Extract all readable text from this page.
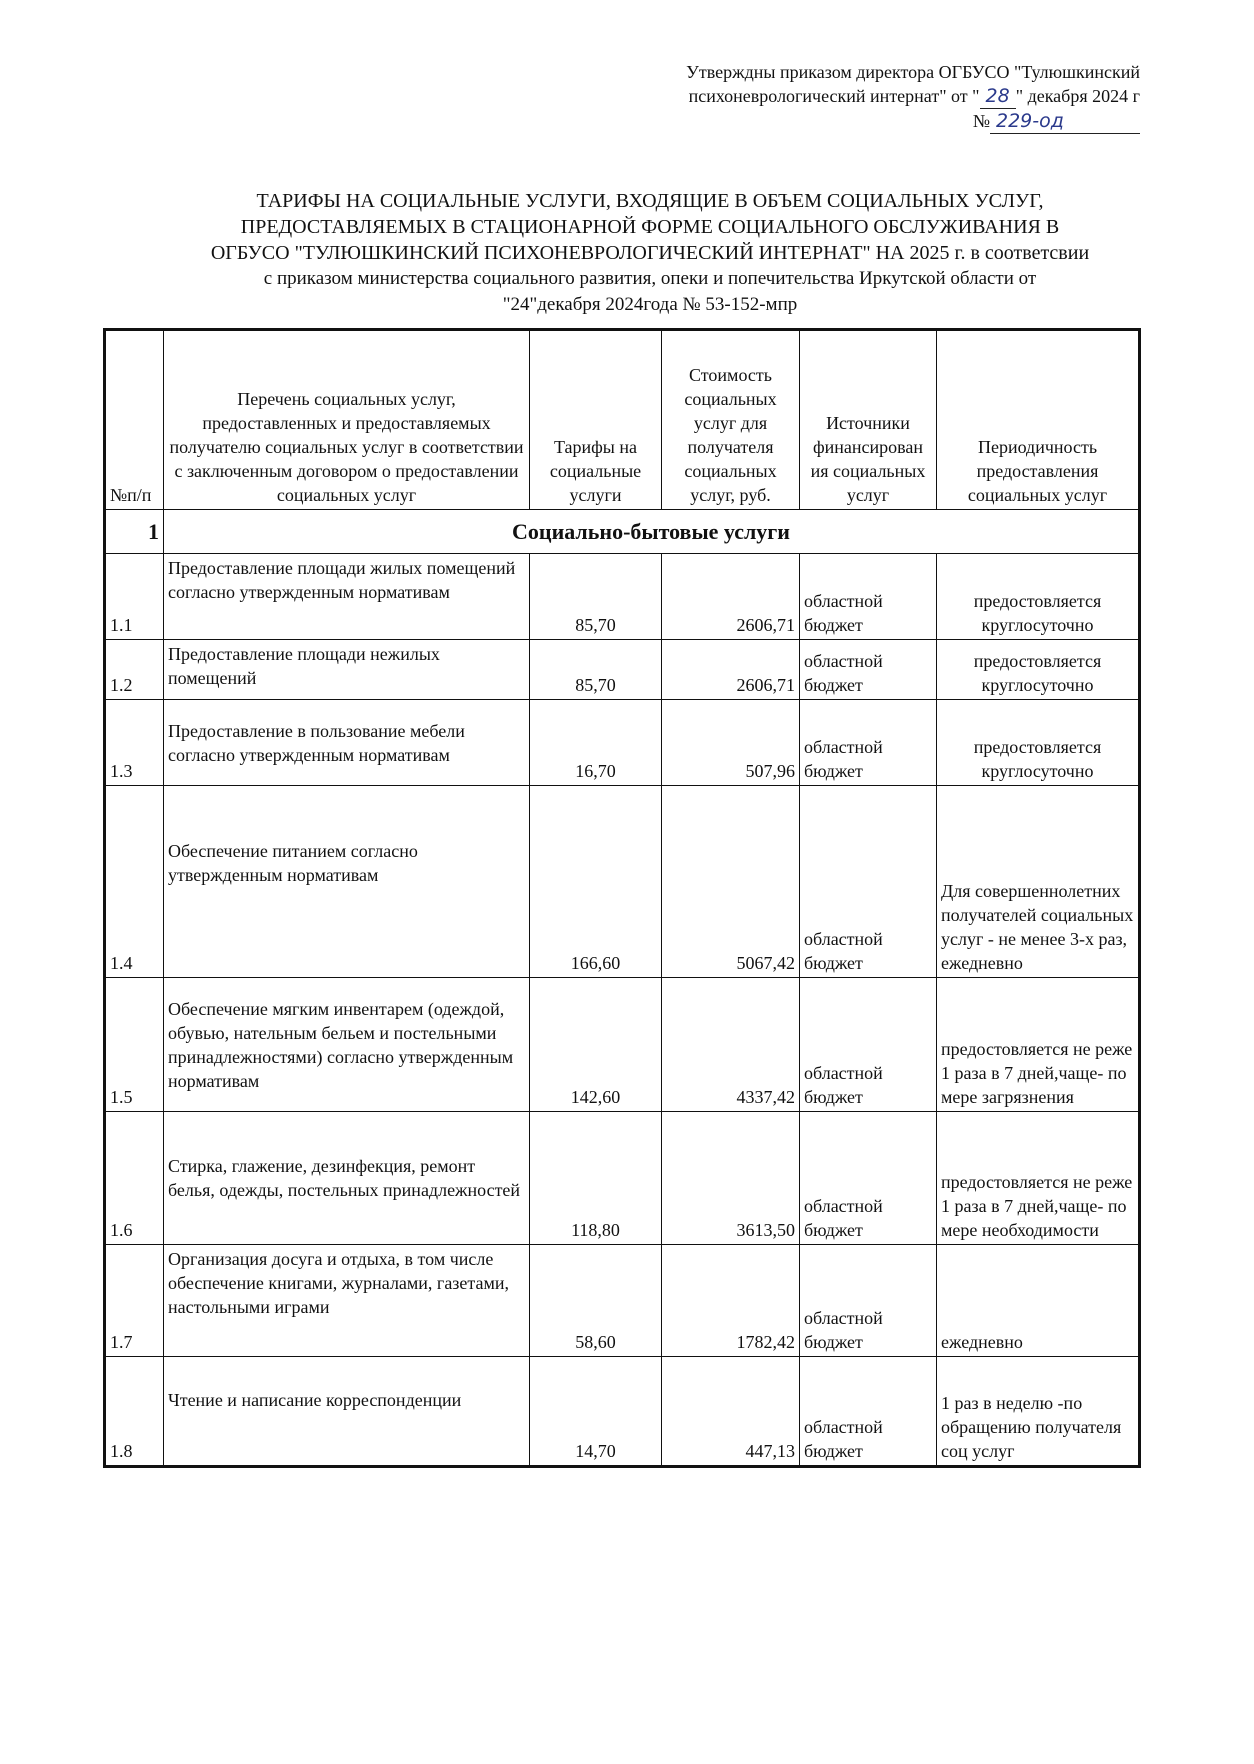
Утверждны приказом директора ОГБУСО "Тулюшкинский
психоневрологический интернат" от " 28 " декабря 2024 г
№ 229-од
ТАРИФЫ НА СОЦИАЛЬНЫЕ УСЛУГИ, ВХОДЯЩИЕ В ОБЪЕМ СОЦИАЛЬНЫХ УСЛУГ,
ПРЕДОСТАВЛЯЕМЫХ В СТАЦИОНАРНОЙ ФОРМЕ СОЦИАЛЬНОГО ОБСЛУЖИВАНИЯ В
ОГБУСО "ТУЛЮШКИНСКИЙ ПСИХОНЕВРОЛОГИЧЕСКИЙ ИНТЕРНАТ" НА 2025 г. в соответсвии
с приказом министерства социального развития, опеки и попечительства Иркутской области от
"24"декабря 2024года № 53-152-мпр
№п/п	Перечень социальных услуг, предоставленных и предоставляемых получателю социальных услуг в соответствии с заключенным договором о предоставлении социальных услуг	Тарифы на социальные услуги	Стоимость социальных услуг для получателя социальных услуг, руб.	Источники финансирован ия социальных услуг	Периодичность предоставления социальных услуг
1	Социально-бытовые услуги				
1.1	Предоставление площади жилых помещений согласно утвержденным нормативам	85,70	2606,71	областной бюджет	предостовляется круглосуточно
1.2	Предоставление площади нежилых помещений	85,70	2606,71	областной бюджет	предостовляется круглосуточно
1.3	Предоставление в пользование мебели согласно утвержденным нормативам	16,70	507,96	областной бюджет	предостовляется круглосуточно
1.4	Обеспечение питанием согласно утвержденным нормативам	166,60	5067,42	областной бюджет	Для совершеннолетних получателей социальных услуг - не менее 3-х раз, ежедневно
1.5	Обеспечение мягким инвентарем (одеждой, обувью, нательным бельем и постельными принадлежностями) согласно утвержденным нормативам	142,60	4337,42	областной бюджет	предостовляется не реже 1 раза в 7 дней,чаще- по мере загрязнения
1.6	Стирка, глажение, дезинфекция, ремонт белья, одежды, постельных принадлежностей	118,80	3613,50	областной бюджет	предостовляется не реже 1 раза в 7 дней,чаще- по мере необходимости
1.7	Организация досуга и отдыха, в том числе обеспечение книгами, журналами, газетами, настольными играми	58,60	1782,42	областной бюджет	ежедневно
1.8	Чтение и написание корреспонденции	14,70	447,13	областной бюджет	1 раз в неделю -по обращению получателя соц услуг
